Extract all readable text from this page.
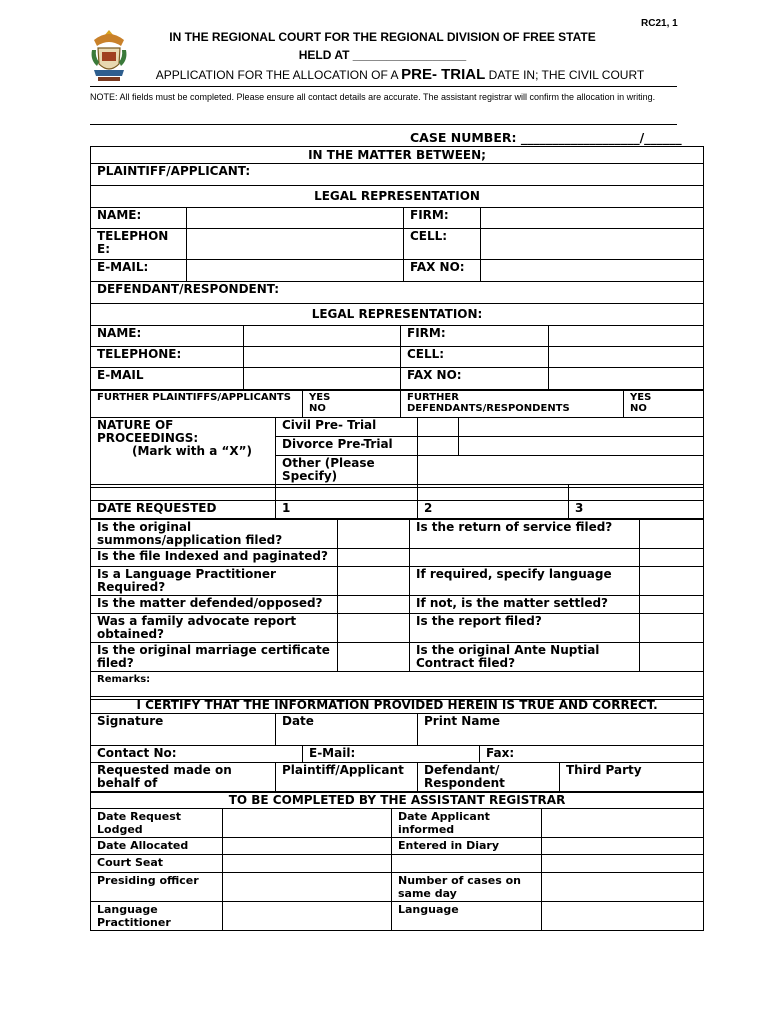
RC21, 1
IN THE REGIONAL COURT FOR THE REGIONAL DIVISION OF FREE STATE
HELD AT _________________
APPLICATION FOR THE ALLOCATION OF A PRE- TRIAL DATE IN; THE CIVIL COURT
NOTE: All fields must be completed. Please ensure all contact details are accurate. The assistant registrar will confirm the allocation in writing.
CASE NUMBER: ___________________/______
IN THE MATTER BETWEEN;			
PLAINTIFF/APPLICANT:			
LEGAL REPRESENTATION			
NAME:		FIRM:	
TELEPHONE:		CELL:	
E-MAIL:		FAX NO:	
DEFENDANT/RESPONDENT:			
LEGAL REPRESENTATION:			
NAME:		FIRM:	
TELEPHONE:		CELL:	
E-MAIL		FAX NO:	
FURTHER PLAINTIFFS/APPLICANTS	YES
NO
	FURTHER DEFENDANTS/RESPONDENTS	
YES
NO
NATURE OF PROCEEDINGS:
(Mark with a “X”)	Civil Pre- Trial		
	Divorce Pre-Trial		
	Other (Please Specify)		

DATE REQUESTED	1	2	3
Is the original summons/application filed?		Is the return of service filed?	
Is the file Indexed and paginated?			
Is a Language Practitioner Required?		If required, specify language	
Is the matter defended/opposed?		If not, is the matter settled?	
Was a family advocate report obtained?		Is the report filed?	
Is the original marriage certificate filed?		Is the original Ante Nuptial Contract filed?	
Remarks:			
I CERTIFY THAT THE INFORMATION PROVIDED HEREIN IS TRUE AND CORRECT.					
Signature	Date		Print Name		
Contact No:		E-Mail:		Fax:	
Requested made on behalf of	Plaintiff/Applicant		Defendant/ Respondent		Third Party
TO BE COMPLETED BY THE ASSISTANT REGISTRAR			
Date Request Lodged		Date Applicant informed	
Date Allocated		Entered in Diary	
Court Seat			
Presiding officer		Number of cases on same day	
Language Practitioner		Language	
